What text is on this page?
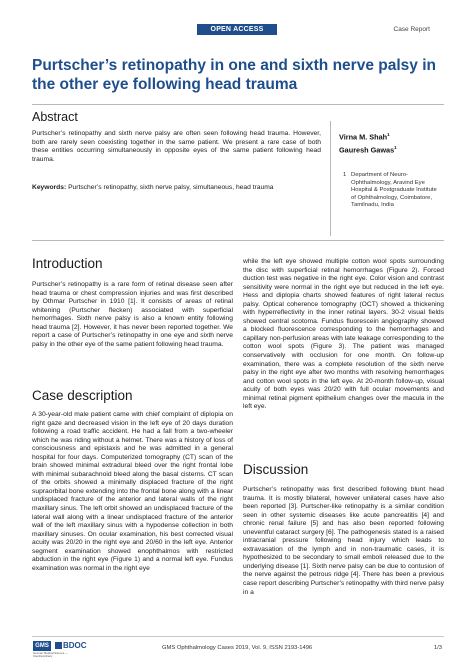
OPEN ACCESS	Case Report
Purtscher’s retinopathy in one and sixth nerve palsy in the other eye following head trauma
Abstract

Purtscher’s retinopathy and sixth nerve palsy are often seen following head trauma. However, both are rarely seen coexisting together in the same patient. We present a rare case of both these entities occurring simultaneously in opposite eyes of the same patient following head trauma.

Keywords: Purtscher’s retinopathy, sixth nerve palsy, simultaneous, head trauma

Virna M. Shah$^1$
Gauresh Gawas$^1$
1 Department of Neuro-Ophthalmology, Aravind Eye Hospital & Postgraduate Institute of Ophthalmology, Coimbatore, Tamilnadu, India
Introduction

Purtscher’s retinopathy is a rare form of retinal disease seen after head trauma or chest compression injuries and was first described by Othmar Purtscher in 1910 [1]. It consists of areas of retinal whitening (Purtscher flecken) associated with superficial hemorrhages. Sixth nerve palsy is also a known entity following head trauma [2]. However, it has never been reported together. We report a case of Purtscher’s retinopathy in one eye and sixth nerve palsy in the other eye of the same patient following head trauma.

Case description

A 30-year-old male patient came with chief complaint of diplopia on right gaze and decreased vision in the left eye of 20 days duration following a road traffic accident. He had a fall from a two-wheeler which he was riding without a helmet. There was a history of loss of consciousness and epistaxis and he was admitted in a general hospital for four days. Computerized tomography (CT) scan of the brain showed minimal extradural bleed over the right frontal lobe with minimal subarachnoid bleed along the basal cisterns. CT scan of the orbits showed a minimally displaced fracture of the right supraorbital bone extending into the frontal bone along with a linear undisplaced fracture of the anterior and lateral walls of the right maxillary sinus. The left orbit showed an undisplaced fracture of the lateral wall along with a linear undisplaced fracture of the anterior wall of the left maxillary sinus with a hypodense collection in both maxillary sinuses. On ocular examination, his best corrected visual acuity was 20/20 in the right eye and 20/60 in the left eye. Anterior segment examination showed enophthalmos with restricted abduction in the right eye (Figure 1) and a normal left eye. Fundus examination was normal in the right eye

while the left eye showed multiple cotton wool spots surrounding the disc with superficial retinal hemorrhages (Figure 2). Forced duction test was negative in the right eye. Color vision and contrast sensitivity were normal in the right eye but reduced in the left eye. Hess and diplopia charts showed features of right lateral rectus palsy. Optical coherence tomography (OCT) showed a thickening with hyperreflectivity in the inner retinal layers. 30-2 visual fields showed central scotoma. Fundus fluorescein angiography showed a blocked fluorescence corresponding to the hemorrhages and capillary non-perfusion areas with late leakage corresponding to the cotton wool spots (Figure 3). The patient was managed conservatively with occlusion for one month. On follow-up examination, there was a complete resolution of the sixth nerve palsy in the right eye after two months with resolving hemorrhages and cotton wool spots in the left eye. At 20-month follow-up, visual acuity of both eyes was 20/20 with full ocular movements and minimal retinal pigment epithelium changes over the macula in the left eye.

Discussion

Purtscher’s retinopathy was first described following blunt head trauma. It is mostly bilateral, however unilateral cases have also been reported [3]. Purtscher-like retinopathy is a similar condition seen in other systemic diseases like acute pancreatitis [4] and chronic renal failure [5] and has also been reported following uneventful cataract surgery [6]. The pathogenesis stated is a raised intracranial pressure following head injury which leads to extravasation of the lymph and in non-traumatic cases, it is hypothesized to be secondary to small emboli released due to the underlying disease [1]. Sixth nerve palsy can be due to contusion of the nerve against the petrous ridge [4]. There has been a previous case report describing Purtscher’s retinopathy with third nerve palsy in a

GMS
German Medical Science — Interdisciplinary
BDOC	GMS Ophthalmology Cases 2019, Vol. 9, ISSN 2193-1496	1/3
